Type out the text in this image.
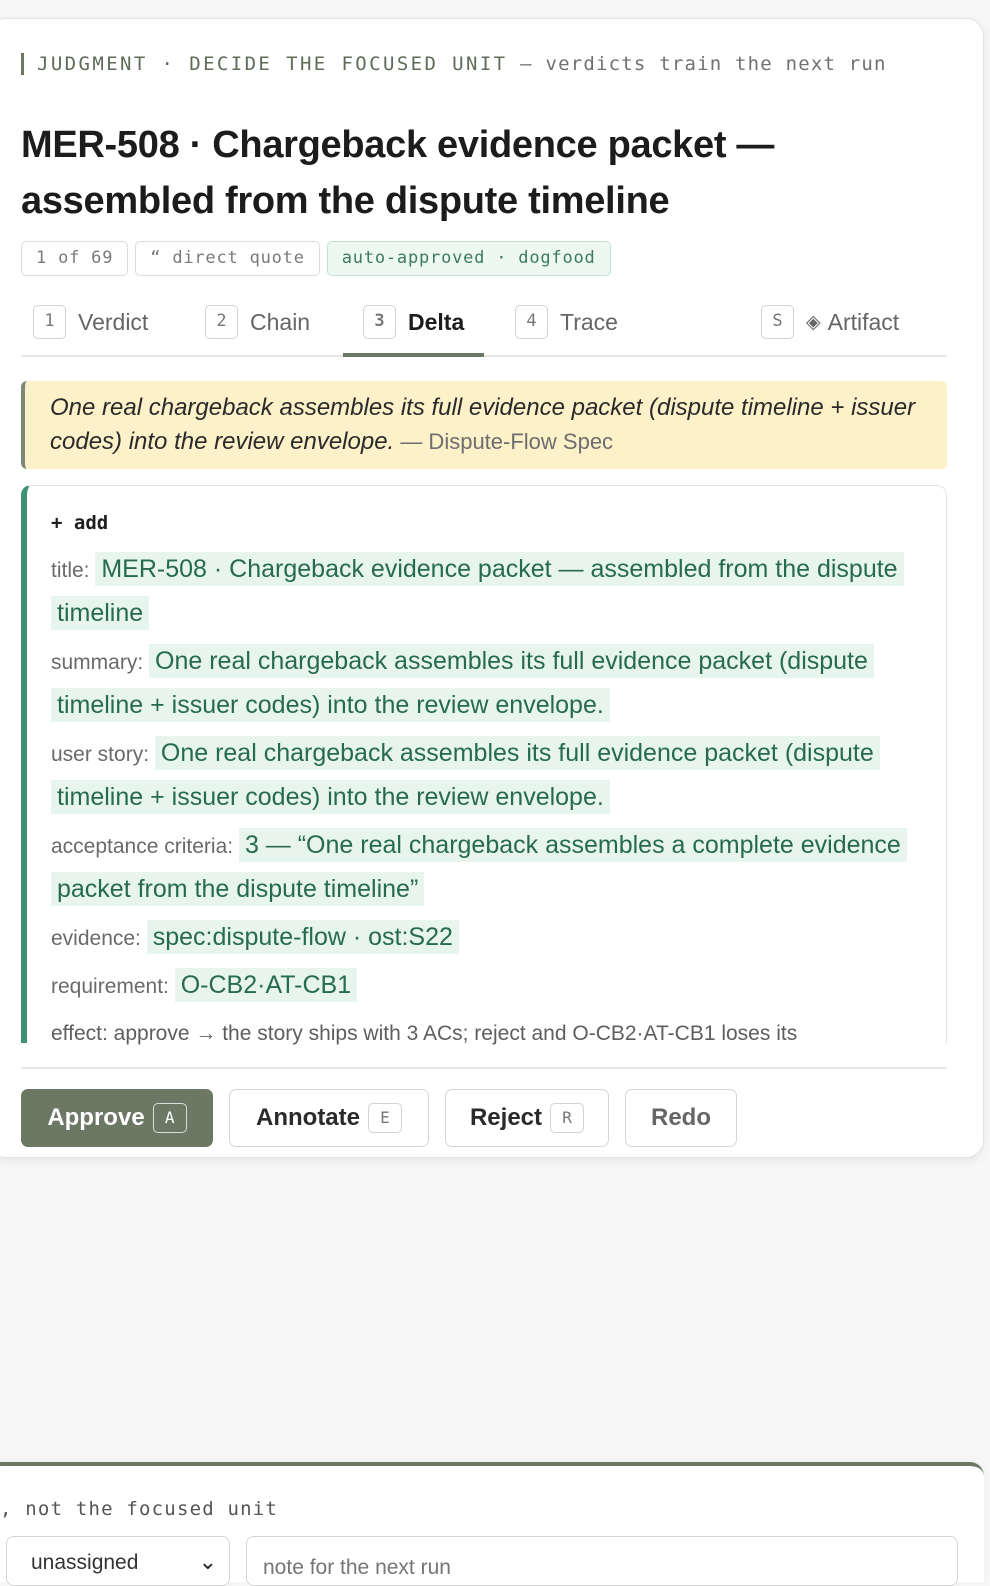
JUDGMENT · DECIDE THE FOCUSED UNIT — verdicts train the next run
MER-508 · Chargeback evidence packet — assembled from the dispute timeline
1 of 69	“ direct quote	auto-approved · dogfood
1	Verdict	2	Chain	3	Delta	4	Trace	S	◈ Artifact
One real chargeback assembles its full evidence packet (dispute timeline + issuer codes) into the review envelope. — Dispute-Flow Spec
+ add
title: MER-508 · Chargeback evidence packet — assembled from the dispute timeline
summary: One real chargeback assembles its full evidence packet (dispute timeline + issuer codes) into the review envelope.
user story: One real chargeback assembles its full evidence packet (dispute timeline + issuer codes) into the review envelope.
acceptance criteria: 3 — “One real chargeback assembles a complete evidence packet from the dispute timeline”
evidence: spec:dispute-flow · ost:S22
requirement: O-CB2·AT-CB1
effect: approve → the story ships with 3 ACs; reject and O-CB2·AT-CB1 loses its
Approve	A	Annotate	E	Reject	R	Redo
, not the focused unit
unassigned	⌄
note for the next run
